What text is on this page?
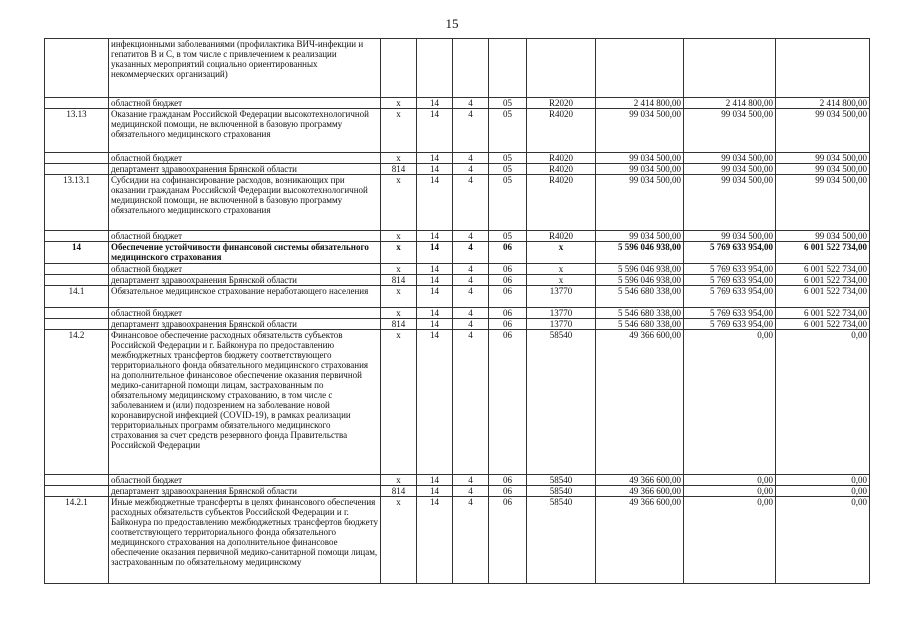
15
	инфекционными заболеваниями (профилактика ВИЧ-инфекции и гепатитов В и С, в том числе с привлечением к реализации указанных мероприятий социально ориентированных некоммерческих организаций)								
	областной бюджет	х	14	4	05	R2020	2 414 800,00	2 414 800,00	2 414 800,00
13.13	Оказание гражданам Российской Федерации высокотехнологичной медицинской помощи, не включенной в базовую программу обязательного медицинского страхования	х	14	4	05	R4020	99 034 500,00	99 034 500,00	99 034 500,00
	областной бюджет	х	14	4	05	R4020	99 034 500,00	99 034 500,00	99 034 500,00
	департамент здравоохранения Брянской области	814	14	4	05	R4020	99 034 500,00	99 034 500,00	99 034 500,00
13.13.1	Субсидии на софинансирование расходов, возникающих при оказании гражданам Российской Федерации высокотехнологичной медицинской помощи, не включенной в базовую программу обязательного медицинского страхования	х	14	4	05	R4020	99 034 500,00	99 034 500,00	99 034 500,00
	областной бюджет	х	14	4	05	R4020	99 034 500,00	99 034 500,00	99 034 500,00
14	Обеспечение устойчивости финансовой системы обязательного медицинского страхования	х	14	4	06	х	5 596 046 938,00	5 769 633 954,00	6 001 522 734,00
	областной бюджет	х	14	4	06	х	5 596 046 938,00	5 769 633 954,00	6 001 522 734,00
	департамент здравоохранения Брянской области	814	14	4	06	х	5 596 046 938,00	5 769 633 954,00	6 001 522 734,00
14.1	Обязательное медицинское страхование неработающего населения	х	14	4	06	13770	5 546 680 338,00	5 769 633 954,00	6 001 522 734,00
	областной бюджет	х	14	4	06	13770	5 546 680 338,00	5 769 633 954,00	6 001 522 734,00
	департамент здравоохранения Брянской области	814	14	4	06	13770	5 546 680 338,00	5 769 633 954,00	6 001 522 734,00
14.2	Финансовое обеспечение расходных обязательств субъектов Российской Федерации и г. Байконура по предоставлению межбюджетных трансфертов бюджету соответствующего территориального фонда обязательного медицинского страхования на дополнительное финансовое обеспечение оказания первичной медико-санитарной помощи лицам, застрахованным по обязательному медицинскому страхованию, в том числе с заболеванием и (или) подозрением на заболевание новой коронавирусной инфекцией (COVID-19), в рамках реализации территориальных программ обязательного медицинского страхования за счет средств резервного фонда Правительства Российской Федерации	х	14	4	06	58540	49 366 600,00	0,00	0,00
	областной бюджет	х	14	4	06	58540	49 366 600,00	0,00	0,00
	департамент здравоохранения Брянской области	814	14	4	06	58540	49 366 600,00	0,00	0,00
14.2.1	Иные межбюджетные трансферты в целях финансового обеспечения расходных обязательств субъектов Российской Федерации и г. Байконура по предоставлению межбюджетных трансфертов бюджету соответствующего территориального фонда обязательного медицинского страхования на дополнительное финансовое обеспечение оказания первичной медико-санитарной помощи лицам, застрахованным по обязательному медицинскому	х	14	4	06	58540	49 366 600,00	0,00	0,00
